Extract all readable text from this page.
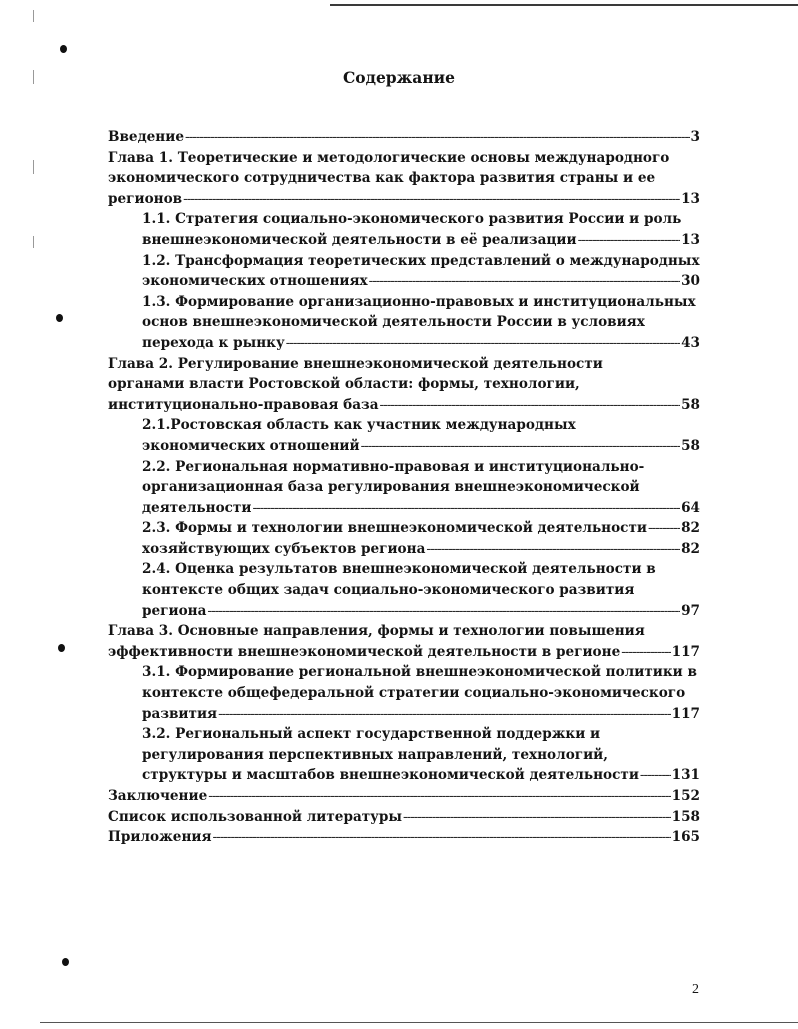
Содержание
Введение -----	3
Глава 1. Теоретические и методологические основы международного
экономического сотрудничества как фактора развития страны и ее
регионов -----	13
1.1. Стратегия социально-экономического развития России и роль
внешнеэкономической деятельности в её реализации -----	13
1.2. Трансформация теоретических представлений о международных
экономических отношениях -----	30
1.3. Формирование организационно-правовых и институциональных
основ внешнеэкономической деятельности России в условиях
перехода к рынку -----	43
Глава 2. Регулирование внешнеэкономической деятельности
органами власти Ростовской области: формы, технологии,
институционально-правовая база -----	58
2.1.Ростовская область как участник международных
экономических отношений -----	58
2.2. Региональная нормативно-правовая и институционально-
организационная база регулирования внешнеэкономической
деятельности -----	64
2.3. Формы и технологии внешнеэкономической деятельности -----	82
хозяйствующих субъектов региона -----	82
2.4. Оценка результатов внешнеэкономической деятельности в
контексте общих задач социально-экономического развития
региона -----	97
Глава 3. Основные направления, формы и технологии повышения
эффективности внешнеэкономической деятельности в регионе -----	117
3.1. Формирование региональной внешнеэкономической политики в
контексте общефедеральной стратегии социально-экономического
развития -----	117
3.2. Региональный аспект государственной поддержки и
регулирования перспективных направлений, технологий,
структуры и масштабов внешнеэкономической деятельности ----- 131
Заключение -----	152
Список использованной литературы -----	158
Приложения -----	165
2
